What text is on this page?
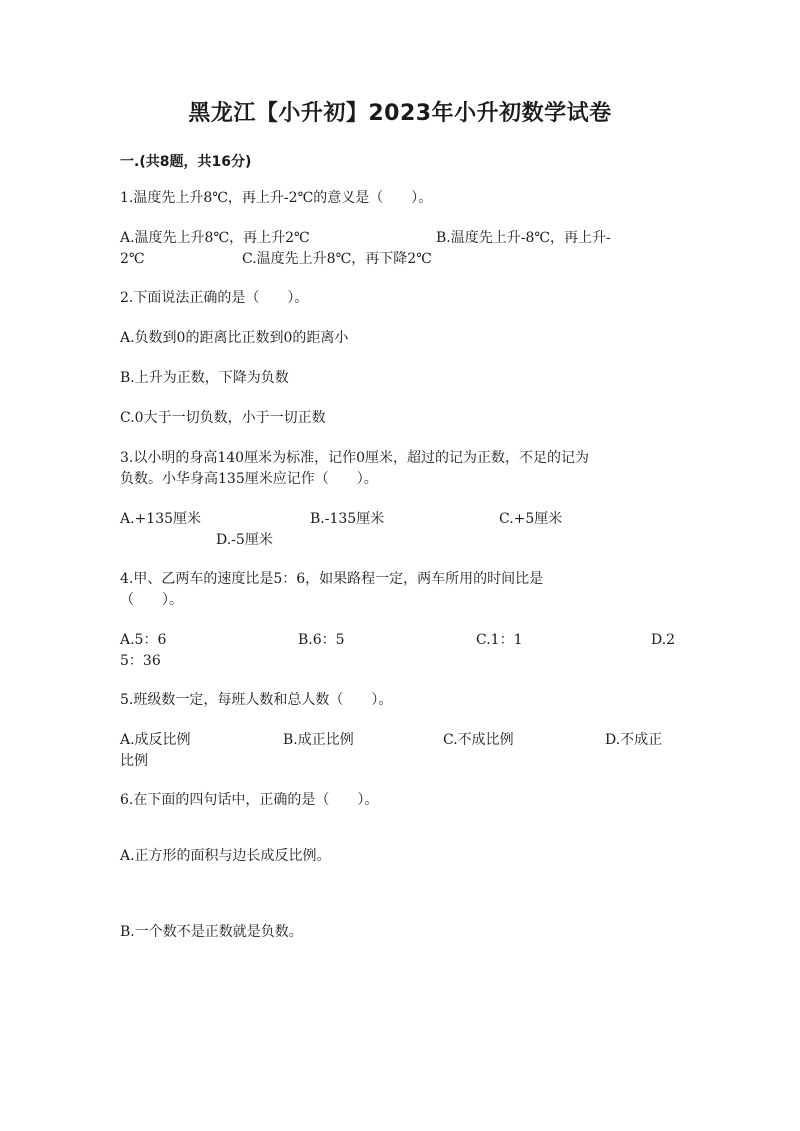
黑龙江【小升初】2023年小升初数学试卷
一.(共8题，共16分)
1.温度先上升8℃，再上升-2℃的意义是（　　）。
A.温度先上升8℃，再上升2℃	B.温度先上升-8℃，再上升-
2℃	C.温度先上升8℃，再下降2℃
2.下面说法正确的是（　　）。
A.负数到0的距离比正数到0的距离小
B.上升为正数，下降为负数
C.0大于一切负数，小于一切正数
3.以小明的身高140厘米为标准，记作0厘米，超过的记为正数，不足的记为
负数。小华身高135厘米应记作（　　）。
A.+135厘米	B.-135厘米	C.+5厘米
D.-5厘米
4.甲、乙两车的速度比是5：6，如果路程一定，两车所用的时间比是
（　　）。
A.5：6	B.6：5	C.1：1	D.2
5：36
5.班级数一定，每班人数和总人数（　　）。
A.成反比例	B.成正比例	C.不成比例	D.不成正
比例
6.在下面的四句话中，正确的是（　　）。
A.正方形的面积与边长成反比例。
B.一个数不是正数就是负数。
